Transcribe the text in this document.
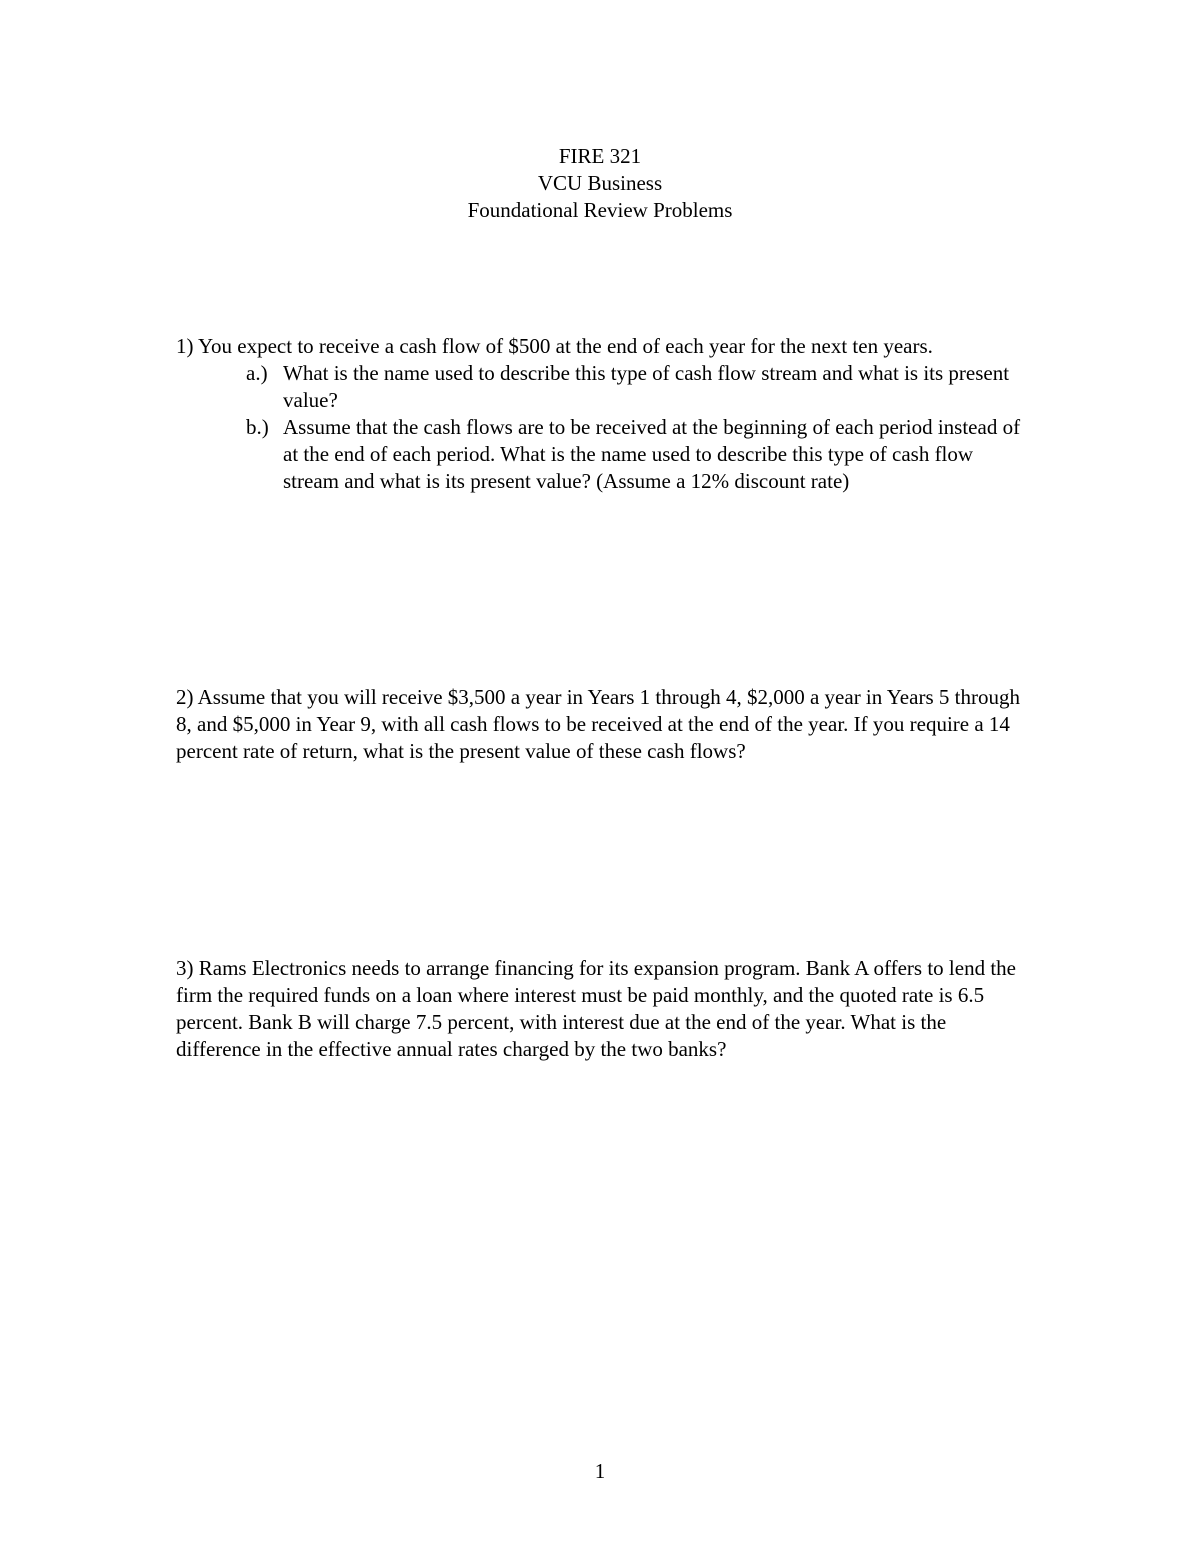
FIRE 321
VCU Business
Foundational Review Problems

1) You expect to receive a cash flow of $500 at the end of each year for the next ten years.

a.) What is the name used to describe this type of cash flow stream and what is its present value?
b.) Assume that the cash flows are to be received at the beginning of each period instead of at the end of each period. What is the name used to describe this type of cash flow stream and what is its present value? (Assume a 12% discount rate)

2) Assume that you will receive $3,500 a year in Years 1 through 4, $2,000 a year in Years 5 through 8, and $5,000 in Year 9, with all cash flows to be received at the end of the year. If you require a 14 percent rate of return, what is the present value of these cash flows?

3) Rams Electronics needs to arrange financing for its expansion program. Bank A offers to lend the firm the required funds on a loan where interest must be paid monthly, and the quoted rate is 6.5 percent. Bank B will charge 7.5 percent, with interest due at the end of the year. What is the difference in the effective annual rates charged by the two banks?

1
